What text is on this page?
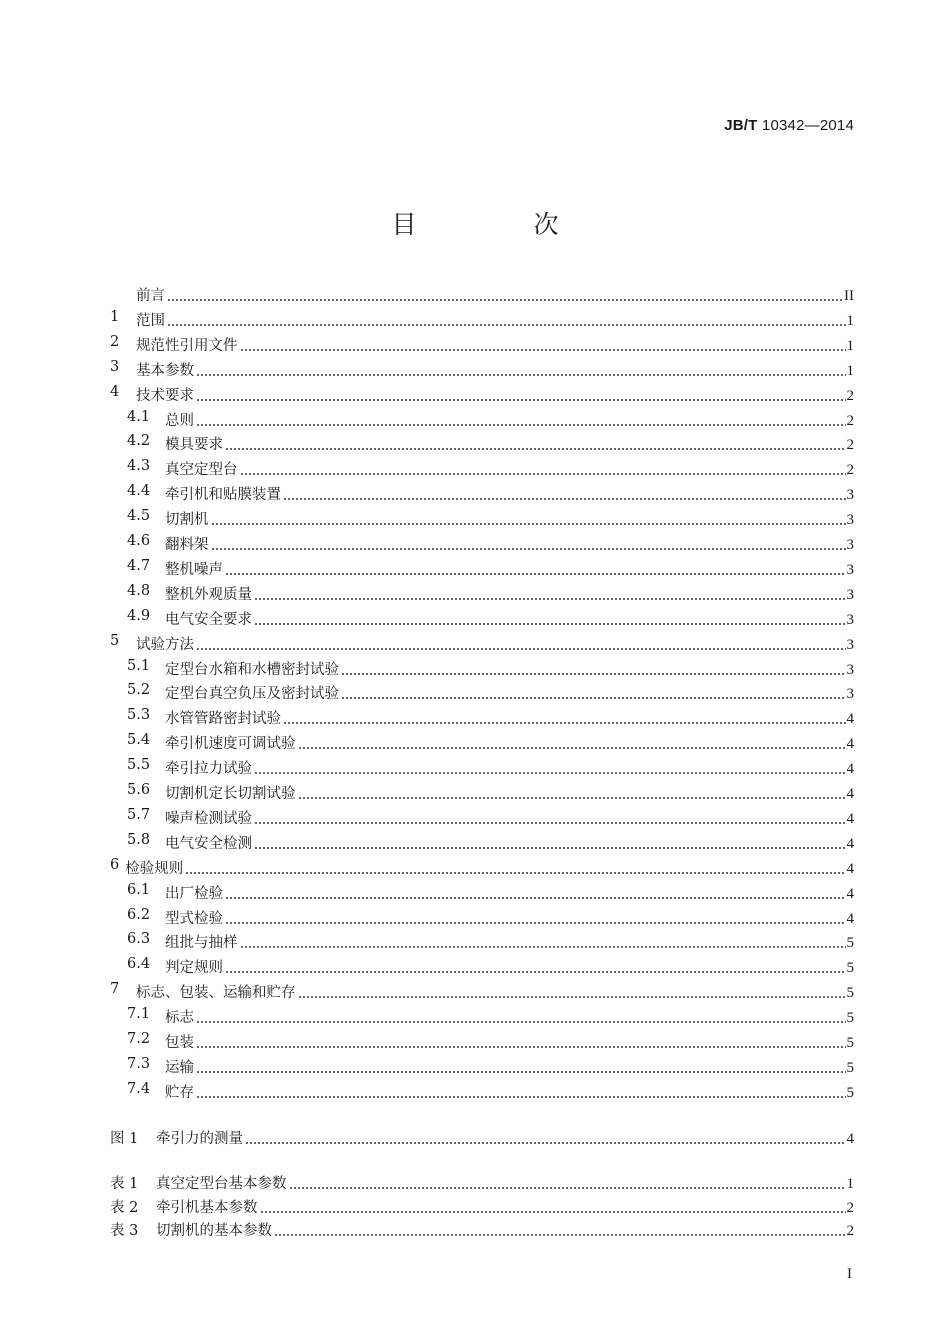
JB/T 10342—2014
目　次
前言	II
1	范围	1
2	规范性引用文件	1
3	基本参数	1
4	技术要求	2
4.1	总则	2
4.2	模具要求	2
4.3	真空定型台	2
4.4	牵引机和贴膜装置	3
4.5	切割机	3
4.6	翻料架	3
4.7	整机噪声	3
4.8	整机外观质量	3
4.9	电气安全要求	3
5	试验方法	3
5.1	定型台水箱和水槽密封试验	3
5.2	定型台真空负压及密封试验	3
5.3	水管管路密封试验	4
5.4	牵引机速度可调试验	4
5.5	牵引拉力试验	4
5.6	切割机定长切割试验	4
5.7	噪声检测试验	4
5.8	电气安全检测	4
6 检验规则	4
6.1	出厂检验	4
6.2	型式检验	4
6.3	组批与抽样	5
6.4	判定规则	5
7	标志、包装、运输和贮存	5
7.1	标志	5
7.2	包装	5
7.3	运输	5
7.4	贮存	5
图 1	牵引力的测量	4
表 1	真空定型台基本参数	1
表 2	牵引机基本参数	2
表 3	切割机的基本参数	2
I
